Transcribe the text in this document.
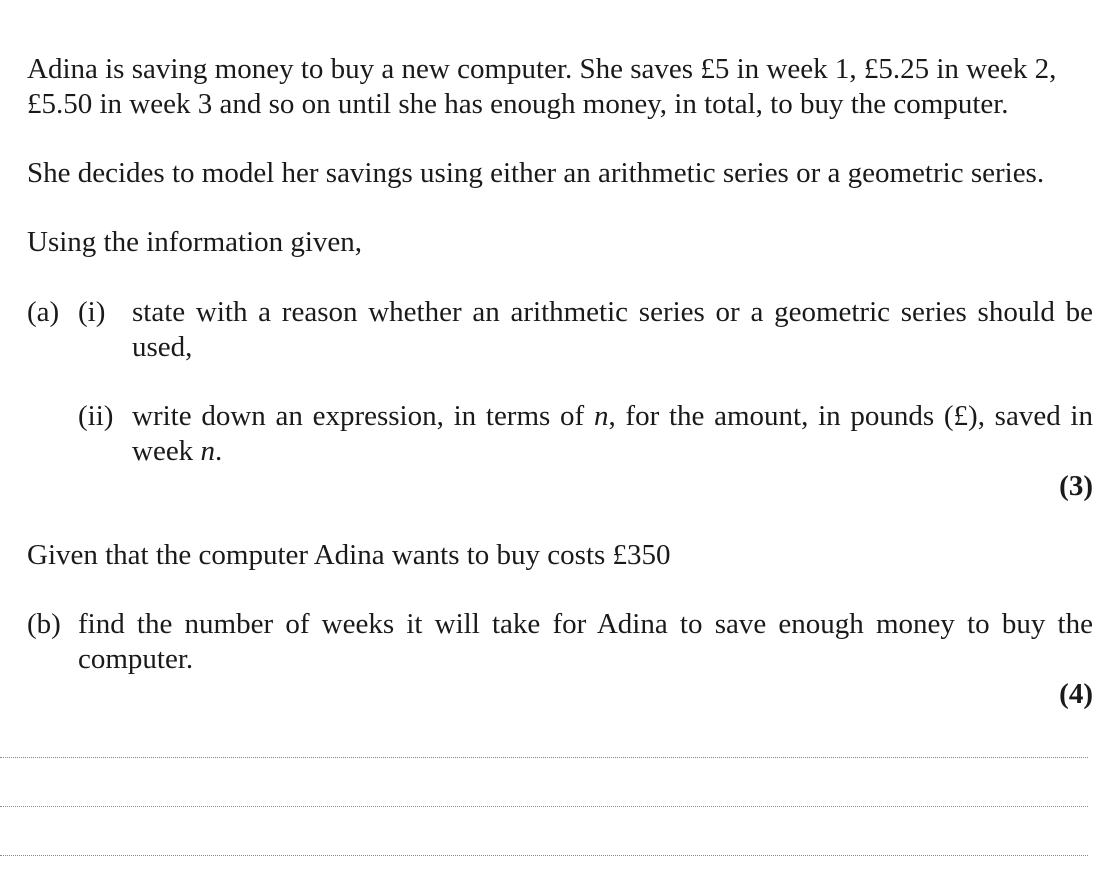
Adina is saving money to buy a new computer. She saves £5 in week 1, £5.25 in week 2,

£5.50 in week 3 and so on until she has enough money, in total, to buy the computer.

She decides to model her savings using either an arithmetic series or a geometric series.

Using the information given,

(a) (i) state with a reason whether an arithmetic series or a geometric series should be used,

(ii) write down an expression, in terms of n, for the amount, in pounds (£), saved in week n.

(3)

Given that the computer Adina wants to buy costs £350

(b) find the number of weeks it will take for Adina to save enough money to buy the computer.

(4)
